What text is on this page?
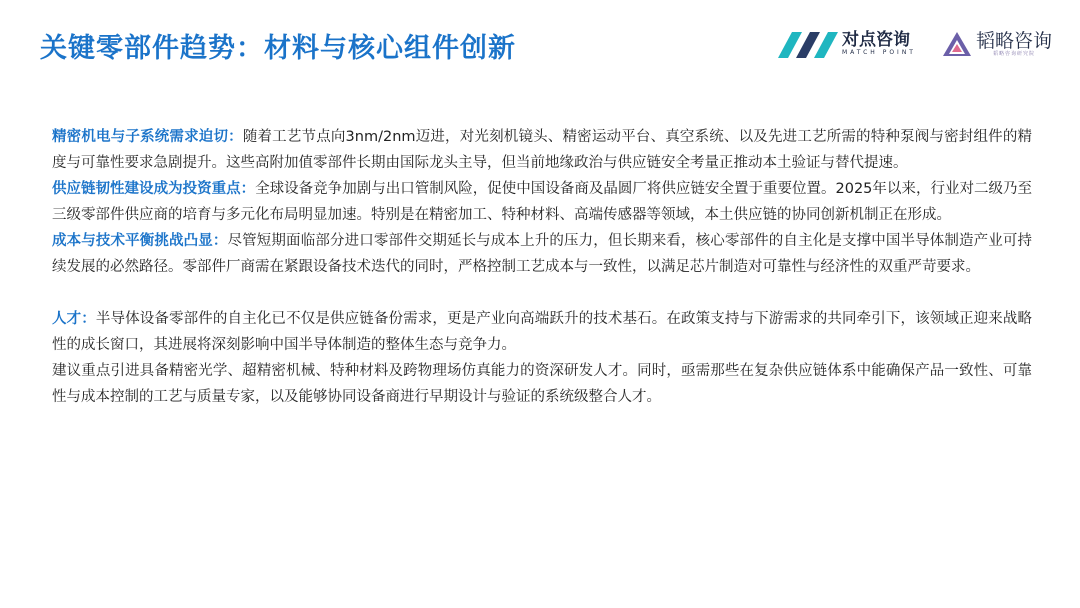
关键零部件趋势：材料与核心组件创新	对点咨询
MATCH POINT
韬略咨询
韬略咨询研究院

精密机电与子系统需求迫切：随着工艺节点向3nm/2nm迈进，对光刻机镜头、精密运动平台、真空系统、以及先进工艺所需的特种泵阀与密封组件的精度与可靠性要求急剧提升。这些高附加值零部件长期由国际龙头主导，但当前地缘政治与供应链安全考量正推动本土验证与替代提速。

供应链韧性建设成为投资重点：全球设备竞争加剧与出口管制风险，促使中国设备商及晶圆厂将供应链安全置于重要位置。2025年以来，行业对二级乃至三级零部件供应商的培育与多元化布局明显加速。特别是在精密加工、特种材料、高端传感器等领域，本土供应链的协同创新机制正在形成。

成本与技术平衡挑战凸显：尽管短期面临部分进口零部件交期延长与成本上升的压力，但长期来看，核心零部件的自主化是支撑中国半导体制造产业可持续发展的必然路径。零部件厂商需在紧跟设备技术迭代的同时，严格控制工艺成本与一致性，以满足芯片制造对可靠性与经济性的双重严苛要求。

人才：半导体设备零部件的自主化已不仅是供应链备份需求，更是产业向高端跃升的技术基石。在政策支持与下游需求的共同牵引下，该领域正迎来战略性的成长窗口，其进展将深刻影响中国半导体制造的整体生态与竞争力。

建议重点引进具备精密光学、超精密机械、特种材料及跨物理场仿真能力的资深研发人才。同时，亟需那些在复杂供应链体系中能确保产品一致性、可靠性与成本控制的工艺与质量专家，以及能够协同设备商进行早期设计与验证的系统级整合人才。
